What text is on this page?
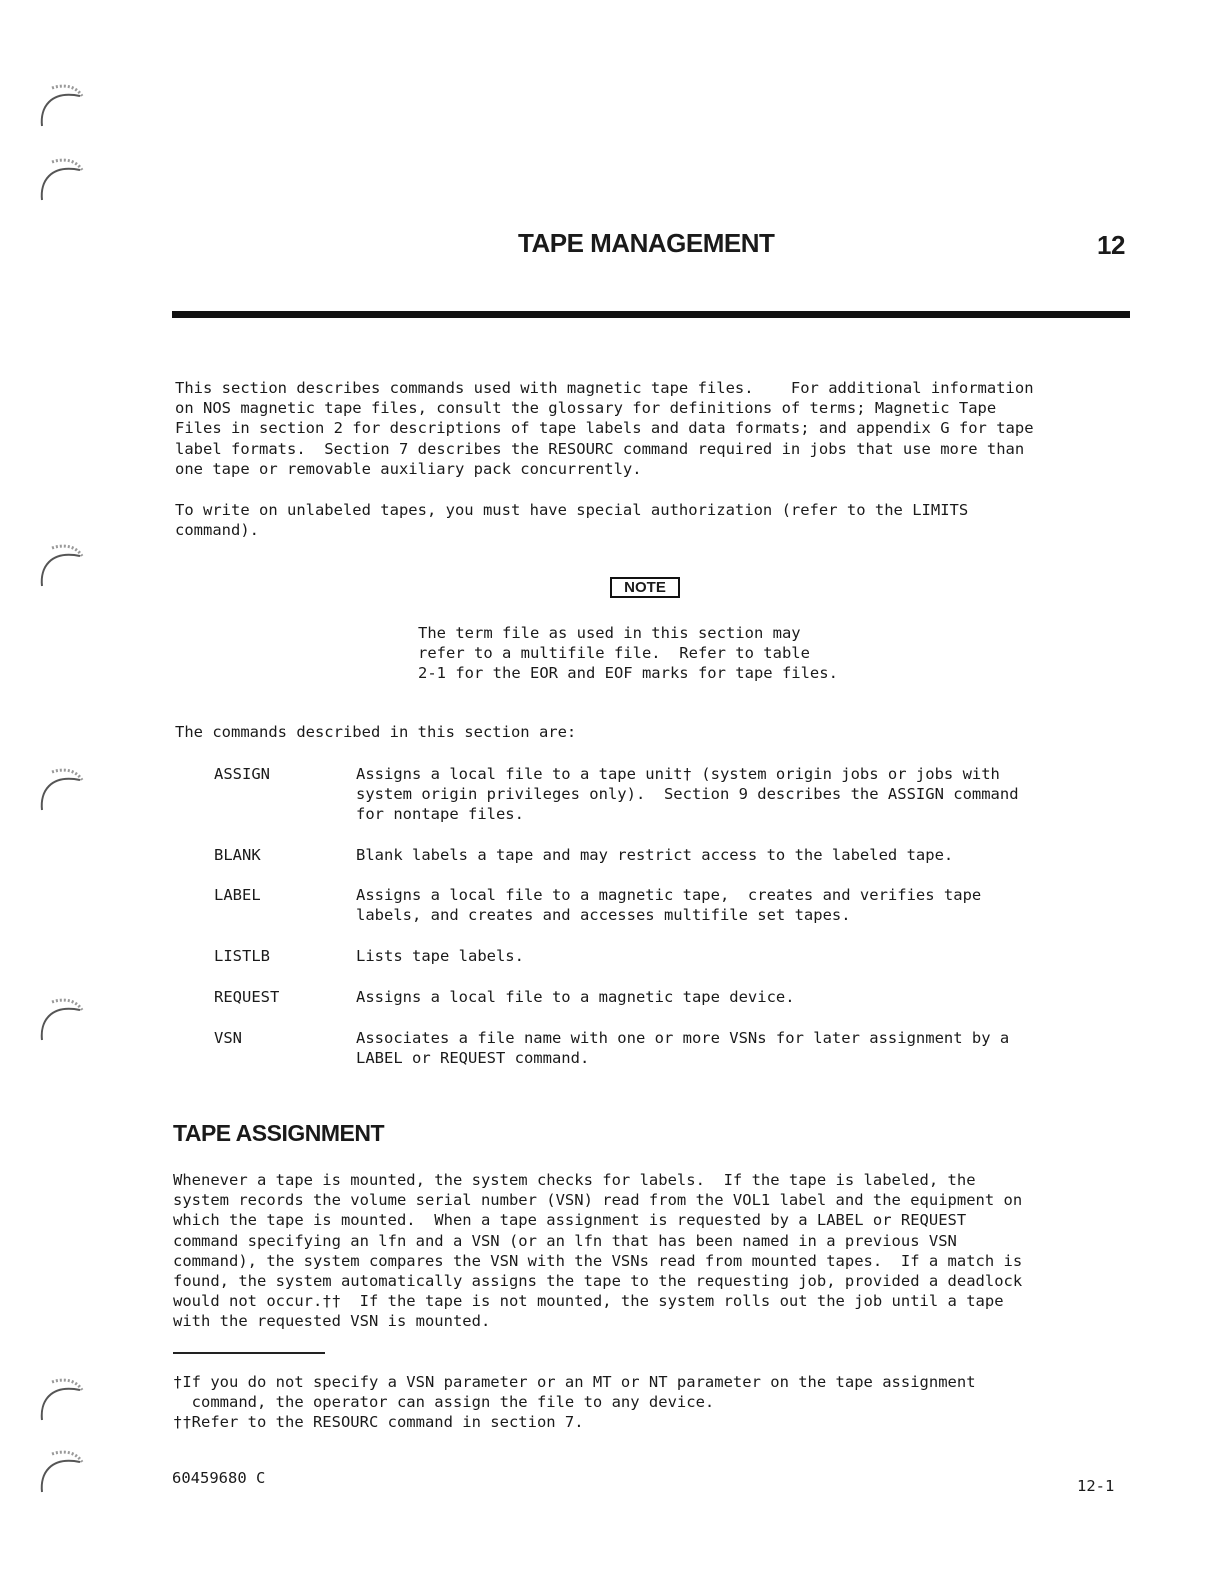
TAPE MANAGEMENT	12
This section describes commands used with magnetic tape files.    For additional information
on NOS magnetic tape files, consult the glossary for definitions of terms; Magnetic Tape
Files in section 2 for descriptions of tape labels and data formats; and appendix G for tape
label formats.  Section 7 describes the RESOURC command required in jobs that use more than
one tape or removable auxiliary pack concurrently.
To write on unlabeled tapes, you must have special authorization (refer to the LIMITS
command).
NOTE
The term file as used in this section may
refer to a multifile file.  Refer to table
2-1 for the EOR and EOF marks for tape files.
The commands described in this section are:
ASSIGN	Assigns a local file to a tape unit† (system origin jobs or jobs with
system origin privileges only).  Section 9 describes the ASSIGN command
for nontape files.
BLANK	Blank labels a tape and may restrict access to the labeled tape.
LABEL	Assigns a local file to a magnetic tape,  creates and verifies tape
labels, and creates and accesses multifile set tapes.
LISTLB	Lists tape labels.
REQUEST	Assigns a local file to a magnetic tape device.
VSN	Associates a file name with one or more VSNs for later assignment by a
LABEL or REQUEST command.
TAPE ASSIGNMENT
Whenever a tape is mounted, the system checks for labels.  If the tape is labeled, the
system records the volume serial number (VSN) read from the VOL1 label and the equipment on
which the tape is mounted.  When a tape assignment is requested by a LABEL or REQUEST
command specifying an lfn and a VSN (or an lfn that has been named in a previous VSN
command), the system compares the VSN with the VSNs read from mounted tapes.  If a match is
found, the system automatically assigns the tape to the requesting job, provided a deadlock
would not occur.††  If the tape is not mounted, the system rolls out the job until a tape
with the requested VSN is mounted.
†If you do not specify a VSN parameter or an MT or NT parameter on the tape assignment
command, the operator can assign the file to any device.
††Refer to the RESOURC command in section 7.
60459680 C	12-1
